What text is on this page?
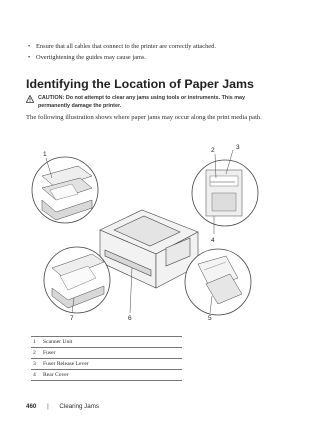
• Ensure that all cables that connect to the printer are correctly attached.
• Overtightening the guides may cause jams.
Identifying the Location of Paper Jams
CAUTION: Do not attempt to clear any jams using tools or instruments. This may
permanently damage the printer.
The following illustration shows where paper jams may occur along the print media path.
1
2	3
4
5
6
7
1	Scanner Unit
2	Fuser
3	Fuser Release Lever
4	Rear Cover
460 | Clearing Jams
